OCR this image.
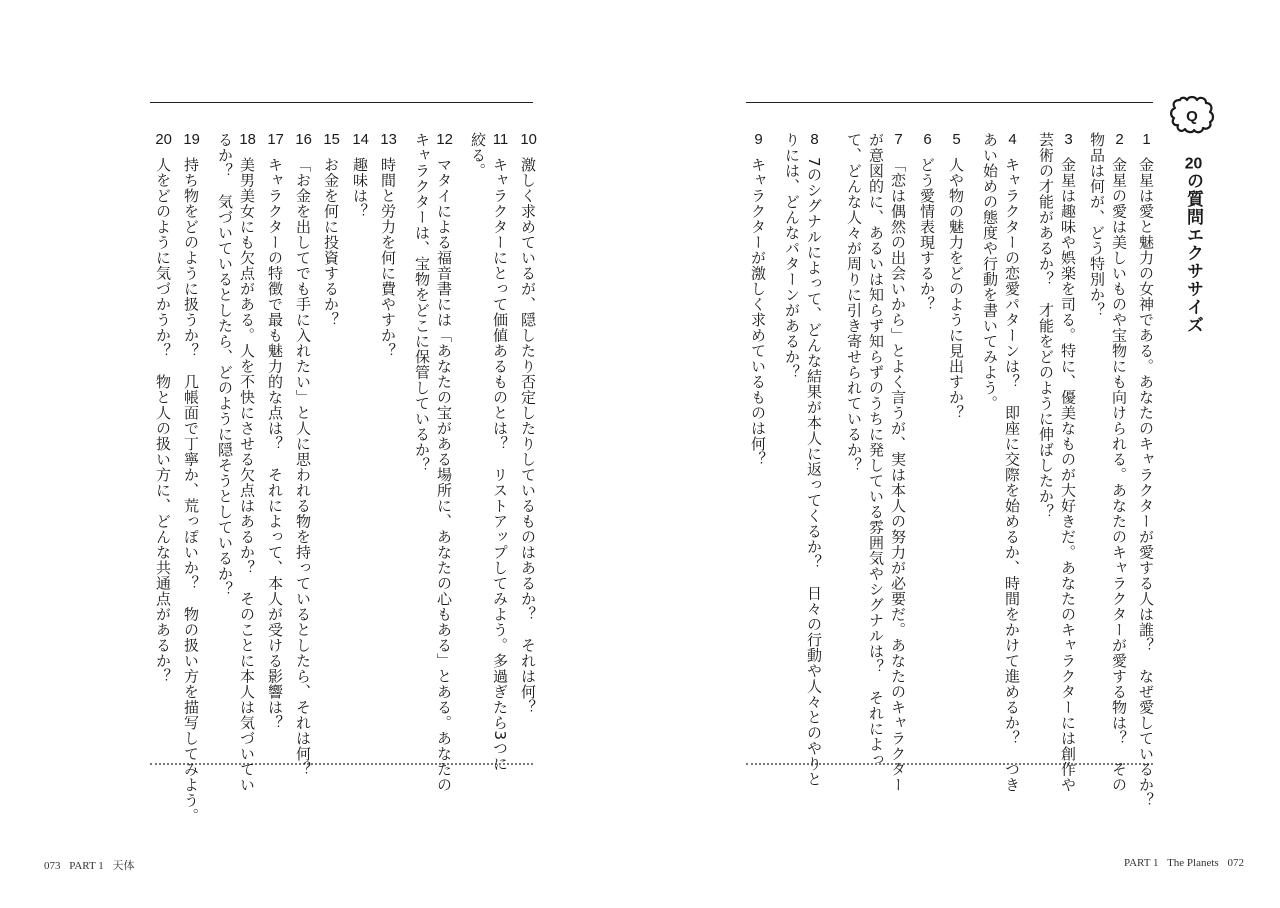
Q
20の質問エクササイズ
1金星は愛と魅力の女神である。あなたのキャラクターが愛する人は誰？　なぜ愛しているか？
2金星の愛は美しいものや宝物にも向けられる。あなたのキャラクターが愛する物は？　その
物品は何が、どう特別か？
3金星は趣味や娯楽を司る。特に、優美なものが大好きだ。あなたのキャラクターには創作や
芸術の才能があるか？　才能をどのように伸ばしたか？
4キャラクターの恋愛パターンは？　即座に交際を始めるか、時間をかけて進めるか？　つき
あい始めの態度や行動を書いてみよう。
5人や物の魅力をどのように見出すか？
6どう愛情表現するか？
7「恋は偶然の出会いから」とよく言うが、実は本人の努力が必要だ。あなたのキャラクター
が意図的に、あるいは知らず知らずのうちに発している雰囲気やシグナルは？　それによっ
て、どんな人々が周りに引き寄せられているか？
87のシグナルによって、どんな結果が本人に返ってくるか？　日々の行動や人々とのやりと
りには、どんなパターンがあるか？
9キャラクターが激しく求めているものは何？
10激しく求めているが、隠したり否定したりしているものはあるか？　それは何？
11キャラクターにとって価値あるものとは？　リストアップしてみよう。多過ぎたら3つに
絞る。
12マタイによる福音書には「あなたの宝がある場所に、あなたの心もある」とある。あなたの
キャラクターは、宝物をどこに保管しているか？
13時間と労力を何に費やすか？
14趣味は？
15お金を何に投資するか？
16「お金を出してでも手に入れたい」と人に思われる物を持っているとしたら、それは何？
17キャラクターの特徴で最も魅力的な点は？　それによって、本人が受ける影響は？
18美男美女にも欠点がある。人を不快にさせる欠点はあるか？　そのことに本人は気づいてい
るか？　気づいているとしたら、どのように隠そうとしているか？
19持ち物をどのように扱うか？　几帳面で丁寧か、荒っぽいか？　物の扱い方を描写してみよう。
20人をどのように気づかうか？　物と人の扱い方に、どんな共通点があるか？
073 PART 1 天体	PART 1 The Planets 072
